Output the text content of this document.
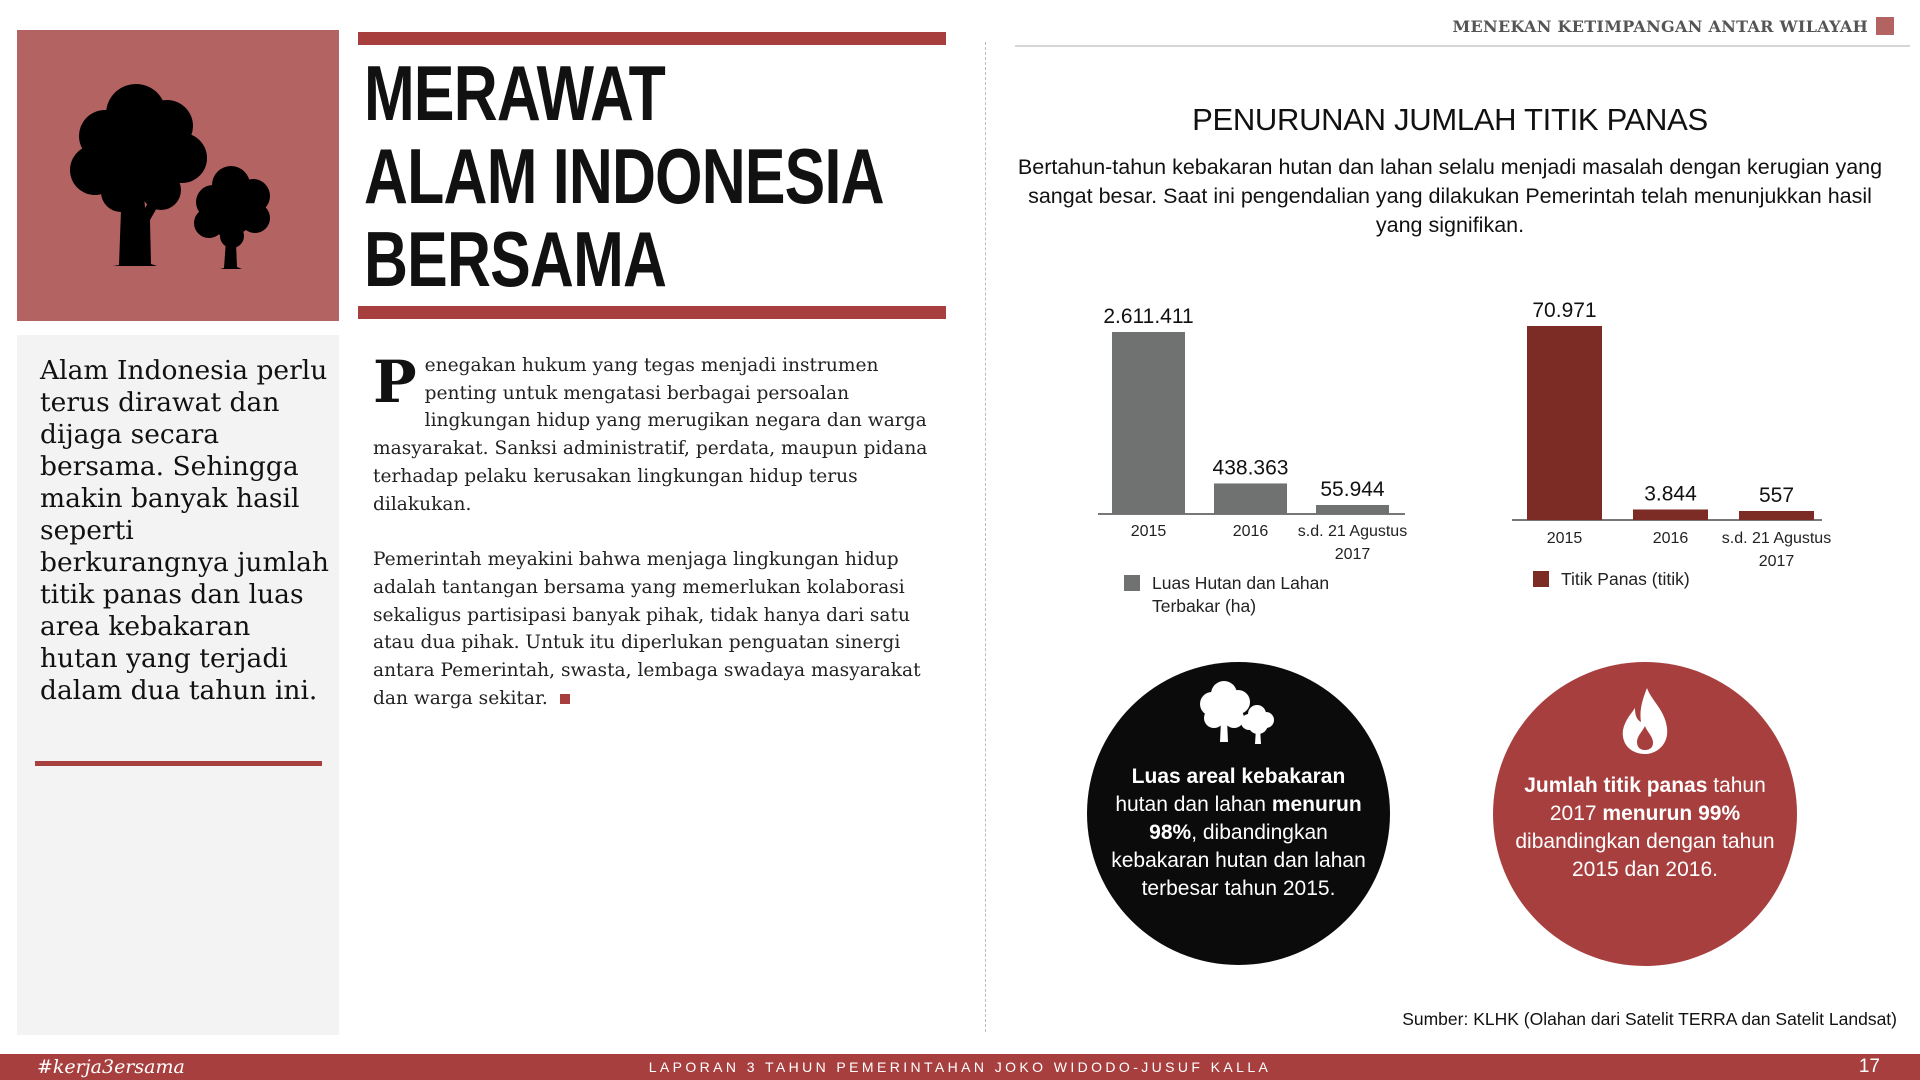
MENEKAN KETIMPANGAN ANTAR WILAYAH
Alam Indonesia perlu terus dirawat dan dijaga secara bersama. Sehingga makin banyak hasil seperti berkurangnya jumlah titik panas dan luas area kebakaran hutan yang terjadi dalam dua tahun ini.
MERAWAT
ALAM INDONESIA
BERSAMA

Penegakan hukum yang tegas menjadi instrumen penting untuk mengatasi berbagai persoalan lingkungan hidup yang merugikan negara dan warga masyarakat. Sanksi administratif, perdata, maupun pidana terhadap pelaku kerusakan lingkungan hidup terus dilakukan.

Pemerintah meyakini bahwa menjaga lingkungan hidup adalah tantangan bersama yang memerlukan kolaborasi sekaligus partisipasi banyak pihak, tidak hanya dari satu atau dua pihak. Untuk itu diperlukan penguatan sinergi antara Pemerintah, swasta, lembaga swadaya masyarakat dan warga sekitar.

PENURUNAN JUMLAH TITIK PANAS
Bertahun-tahun kebakaran hutan dan lahan selalu menjadi masalah dengan kerugian yang sangat besar. Saat ini pengendalian yang dilakukan Pemerintah telah menunjukkan hasil yang signifikan.
2.611.411
2015
438.363
2016
55.944
s.d. 21 Agustus
2017
70.971
2015
3.844
2016
557
s.d. 21 Agustus
2017
Luas Hutan dan Lahan Terbakar (ha)
Titik Panas (titik)
Luas areal kebakaran hutan dan lahan menurun 98%, dibandingkan kebakaran hutan dan lahan terbesar tahun 2015.
Jumlah titik panas tahun 2017 menurun 99% dibandingkan dengan tahun 2015 dan 2016.
Sumber: KLHK (Olahan dari Satelit TERRA dan Satelit Landsat)
#kerja3ersama	LAPORAN 3 TAHUN PEMERINTAHAN JOKO WIDODO-JUSUF KALLA	17
